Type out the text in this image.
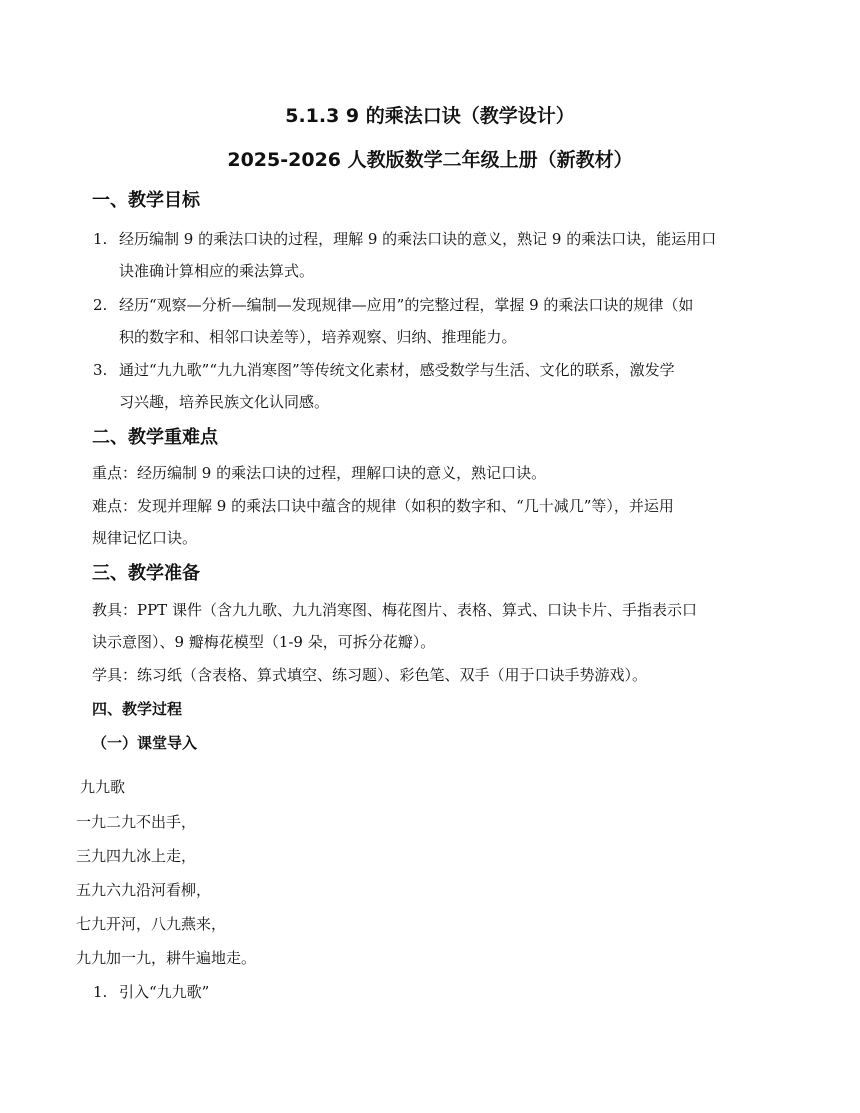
5.1.3 9 的乘法口诀（教学设计）
2025-2026 人教版数学二年级上册（新教材）
一、教学目标
1. 经历编制 9 的乘法口诀的过程，理解 9 的乘法口诀的意义，熟记 9 的乘法口诀，能运用口
诀准确计算相应的乘法算式。
2. 经历“观察—分析—编制—发现规律—应用”的完整过程，掌握 9 的乘法口诀的规律（如
积的数字和、相邻口诀差等），培养观察、归纳、推理能力。
3. 通过“九九歌”“九九消寒图”等传统文化素材，感受数学与生活、文化的联系，激发学
习兴趣，培养民族文化认同感。
二、教学重难点
重点：经历编制 9 的乘法口诀的过程，理解口诀的意义，熟记口诀。
难点：发现并理解 9 的乘法口诀中蕴含的规律（如积的数字和、“几十减几”等），并运用
规律记忆口诀。
三、教学准备
教具：PPT 课件（含九九歌、九九消寒图、梅花图片、表格、算式、口诀卡片、手指表示口
诀示意图）、9 瓣梅花模型（1-9 朵，可拆分花瓣）。
学具：练习纸（含表格、算式填空、练习题）、彩色笔、双手（用于口诀手势游戏）。
四、教学过程
（一）课堂导入
九九歌
一九二九不出手，
三九四九冰上走，
五九六九沿河看柳，
七九开河，八九燕来，
九九加一九，耕牛遍地走。
1. 引入“九九歌”
